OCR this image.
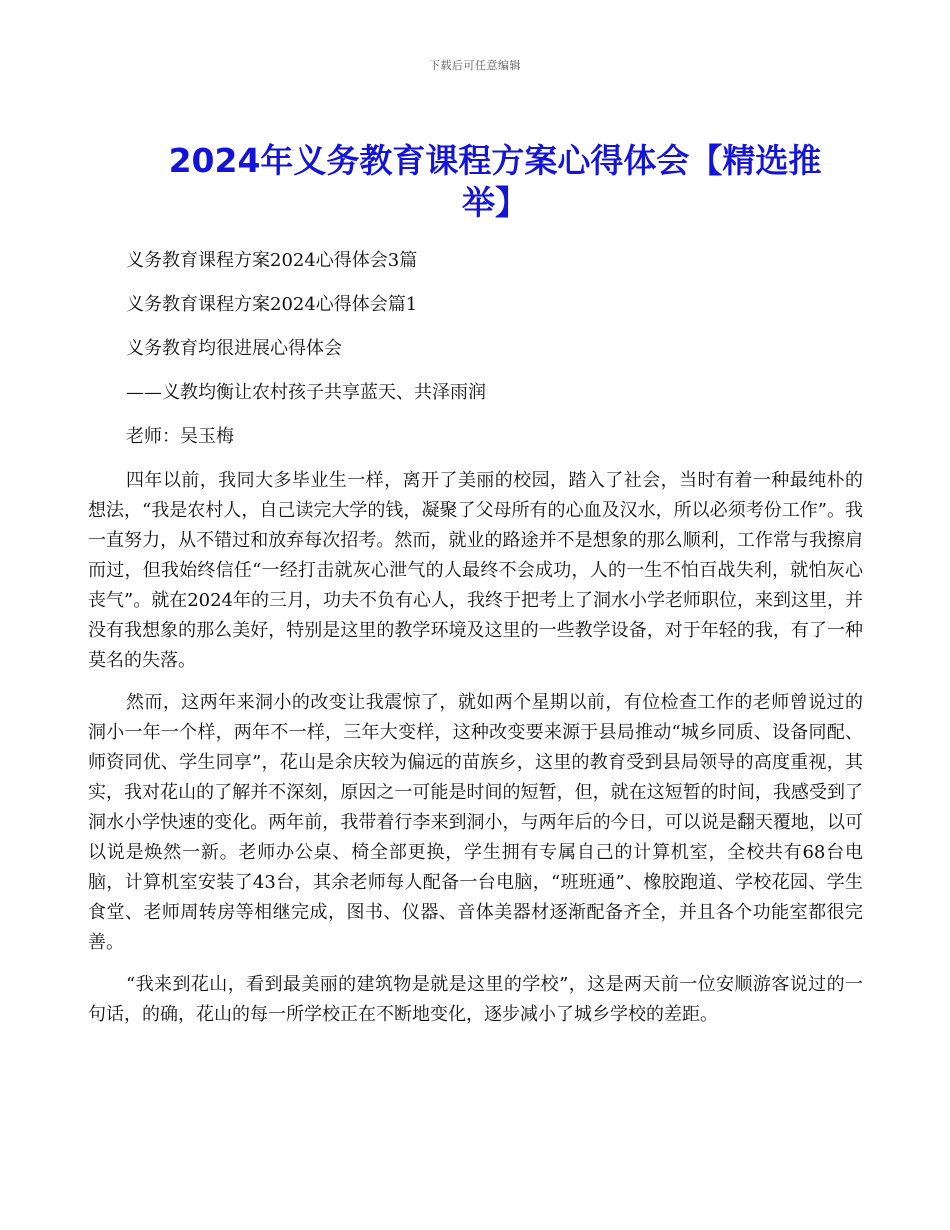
下载后可任意编辑
2024年义务教育课程方案心得体会【精选推举】

义务教育课程方案2024心得体会3篇

义务教育课程方案2024心得体会篇1

义务教育均很进展心得体会

——义教均衡让农村孩子共享蓝天、共泽雨润

老师：吴玉梅

四年以前，我同大多毕业生一样，离开了美丽的校园，踏入了社会，当时有着一种最纯朴的想法，“我是农村人，自己读完大学的钱，凝聚了父母所有的心血及汉水，所以必须考份工作”。我一直努力，从不错过和放弃每次招考。然而，就业的路途并不是想象的那么顺利，工作常与我擦肩而过，但我始终信任“一经打击就灰心泄气的人最终不会成功，人的一生不怕百战失利，就怕灰心丧气”。就在2024年的三月，功夫不负有心人，我终于把考上了洞水小学老师职位，来到这里，并没有我想象的那么美好，特别是这里的教学环境及这里的一些教学设备，对于年轻的我，有了一种莫名的失落。

然而，这两年来洞小的改变让我震惊了，就如两个星期以前，有位检查工作的老师曾说过的洞小一年一个样，两年不一样，三年大变样，这种改变要来源于县局推动“城乡同质、设备同配、师资同优、学生同享”，花山是余庆较为偏远的苗族乡，这里的教育受到县局领导的高度重视，其实，我对花山的了解并不深刻，原因之一可能是时间的短暂，但，就在这短暂的时间，我感受到了洞水小学快速的变化。两年前，我带着行李来到洞小，与两年后的今日，可以说是翻天覆地，以可以说是焕然一新。老师办公桌、椅全部更换，学生拥有专属自己的计算机室，全校共有68台电脑，计算机室安装了43台，其余老师每人配备一台电脑，“班班通”、橡胶跑道、学校花园、学生食堂、老师周转房等相继完成，图书、仪器、音体美器材逐渐配备齐全，并且各个功能室都很完善。

“我来到花山，看到最美丽的建筑物是就是这里的学校”，这是两天前一位安顺游客说过的一句话，的确，花山的每一所学校正在不断地变化，逐步减小了城乡学校的差距。
